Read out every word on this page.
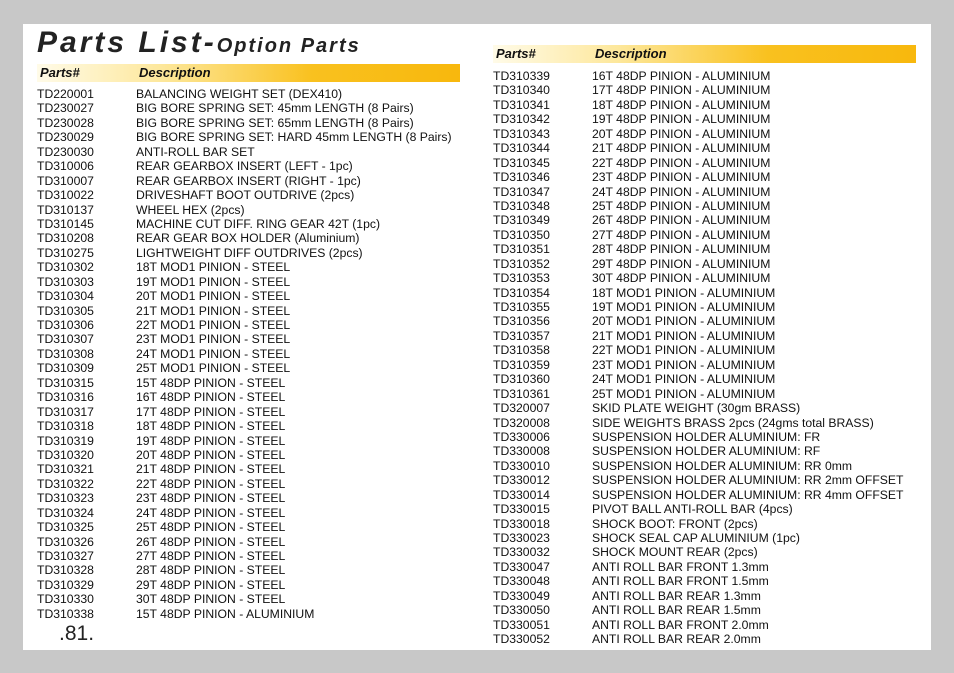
Parts List-Option Parts
Parts#	Description
Parts#	Description
TD220001	BALANCING WEIGHT SET (DEX410)
TD230027	BIG BORE SPRING SET: 45mm LENGTH (8 Pairs)
TD230028	BIG BORE SPRING SET: 65mm LENGTH (8 Pairs)
TD230029	BIG BORE SPRING SET: HARD 45mm LENGTH (8 Pairs)
TD230030	ANTI-ROLL BAR SET
TD310006	REAR GEARBOX INSERT (LEFT - 1pc)
TD310007	REAR GEARBOX INSERT (RIGHT - 1pc)
TD310022	DRIVESHAFT BOOT OUTDRIVE (2pcs)
TD310137	WHEEL HEX (2pcs)
TD310145	MACHINE CUT DIFF. RING GEAR 42T (1pc)
TD310208	REAR GEAR BOX HOLDER (Aluminium)
TD310275	LIGHTWEIGHT DIFF OUTDRIVES (2pcs)
TD310302	18T MOD1 PINION - STEEL
TD310303	19T MOD1 PINION - STEEL
TD310304	20T MOD1 PINION - STEEL
TD310305	21T MOD1 PINION - STEEL
TD310306	22T MOD1 PINION - STEEL
TD310307	23T MOD1 PINION - STEEL
TD310308	24T MOD1 PINION - STEEL
TD310309	25T MOD1 PINION - STEEL
TD310315	15T 48DP PINION - STEEL
TD310316	16T 48DP PINION - STEEL
TD310317	17T 48DP PINION - STEEL
TD310318	18T 48DP PINION - STEEL
TD310319	19T 48DP PINION - STEEL
TD310320	20T 48DP PINION - STEEL
TD310321	21T 48DP PINION - STEEL
TD310322	22T 48DP PINION - STEEL
TD310323	23T 48DP PINION - STEEL
TD310324	24T 48DP PINION - STEEL
TD310325	25T 48DP PINION - STEEL
TD310326	26T 48DP PINION - STEEL
TD310327	27T 48DP PINION - STEEL
TD310328	28T 48DP PINION - STEEL
TD310329	29T 48DP PINION - STEEL
TD310330	30T 48DP PINION - STEEL
TD310338	15T 48DP PINION - ALUMINIUM
TD310339	16T 48DP PINION - ALUMINIUM
TD310340	17T 48DP PINION - ALUMINIUM
TD310341	18T 48DP PINION - ALUMINIUM
TD310342	19T 48DP PINION - ALUMINIUM
TD310343	20T 48DP PINION - ALUMINIUM
TD310344	21T 48DP PINION - ALUMINIUM
TD310345	22T 48DP PINION - ALUMINIUM
TD310346	23T 48DP PINION - ALUMINIUM
TD310347	24T 48DP PINION - ALUMINIUM
TD310348	25T 48DP PINION - ALUMINIUM
TD310349	26T 48DP PINION - ALUMINIUM
TD310350	27T 48DP PINION - ALUMINIUM
TD310351	28T 48DP PINION - ALUMINIUM
TD310352	29T 48DP PINION - ALUMINIUM
TD310353	30T 48DP PINION - ALUMINIUM
TD310354	18T MOD1 PINION - ALUMINIUM
TD310355	19T MOD1 PINION - ALUMINIUM
TD310356	20T MOD1 PINION - ALUMINIUM
TD310357	21T MOD1 PINION - ALUMINIUM
TD310358	22T MOD1 PINION - ALUMINIUM
TD310359	23T MOD1 PINION - ALUMINIUM
TD310360	24T MOD1 PINION - ALUMINIUM
TD310361	25T MOD1 PINION - ALUMINIUM
TD320007	SKID PLATE WEIGHT (30gm BRASS)
TD320008	SIDE WEIGHTS BRASS 2pcs (24gms total BRASS)
TD330006	SUSPENSION HOLDER ALUMINIUM: FR
TD330008	SUSPENSION HOLDER ALUMINIUM: RF
TD330010	SUSPENSION HOLDER ALUMINIUM: RR 0mm
TD330012	SUSPENSION HOLDER ALUMINIUM: RR 2mm OFFSET
TD330014	SUSPENSION HOLDER ALUMINIUM: RR 4mm OFFSET
TD330015	PIVOT BALL ANTI-ROLL BAR (4pcs)
TD330018	SHOCK BOOT: FRONT (2pcs)
TD330023	SHOCK SEAL CAP ALUMINIUM (1pc)
TD330032	SHOCK MOUNT REAR (2pcs)
TD330047	ANTI ROLL BAR FRONT 1.3mm
TD330048	ANTI ROLL BAR FRONT 1.5mm
TD330049	ANTI ROLL BAR REAR 1.3mm
TD330050	ANTI ROLL BAR REAR 1.5mm
TD330051	ANTI ROLL BAR FRONT 2.0mm
TD330052	ANTI ROLL BAR REAR 2.0mm
.81.
